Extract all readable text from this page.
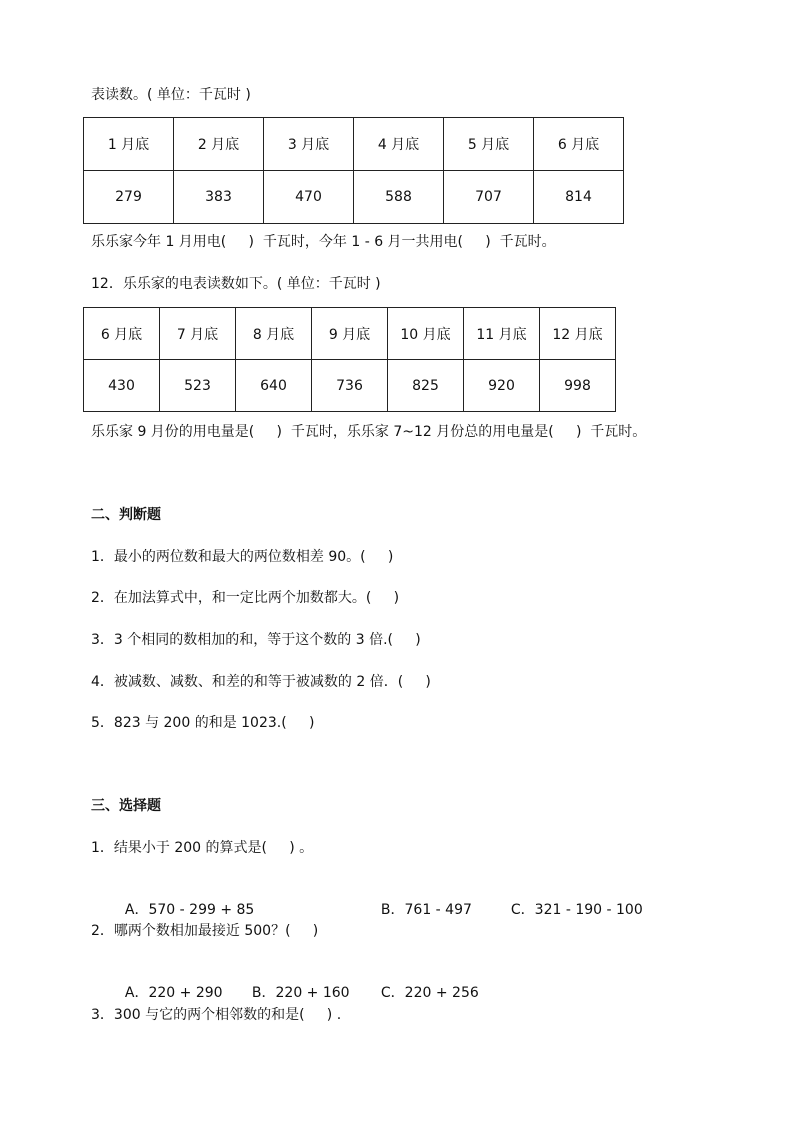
表读数。( 单位：千瓦时 )
1 月底	2 月底	3 月底	4 月底	5 月底	6 月底
279	383	470	588	707	814
乐乐家今年 1 月用电(     )  千瓦时，今年 1 - 6 月一共用电(     )  千瓦时。
12．乐乐家的电表读数如下。( 单位：千瓦时 )
6 月底	7 月底	8 月底	9 月底	10 月底	11 月底	12 月底
430	523	640	736	825	920	998
乐乐家 9 月份的用电量是(     )  千瓦时，乐乐家 7~12 月份总的用电量是(     )  千瓦时。
二、判断题
1．最小的两位数和最大的两位数相差 90。(     )
2．在加法算式中，和一定比两个加数都大。(     )
3．3 个相同的数相加的和，等于这个数的 3 倍.(     )
4．被减数、减数、和差的和等于被减数的 2 倍．(     )
5．823 与 200 的和是 1023.(     )
三、选择题
1．结果小于 200 的算式是(     ) 。

A．570 - 299 + 85	B．761 - 497	C．321 - 190 - 100

2．哪两个数相加最接近 500？(     )

A．220 + 290 B．220 + 160 C．220 + 256

3．300 与它的两个相邻数的和是(     ) .
